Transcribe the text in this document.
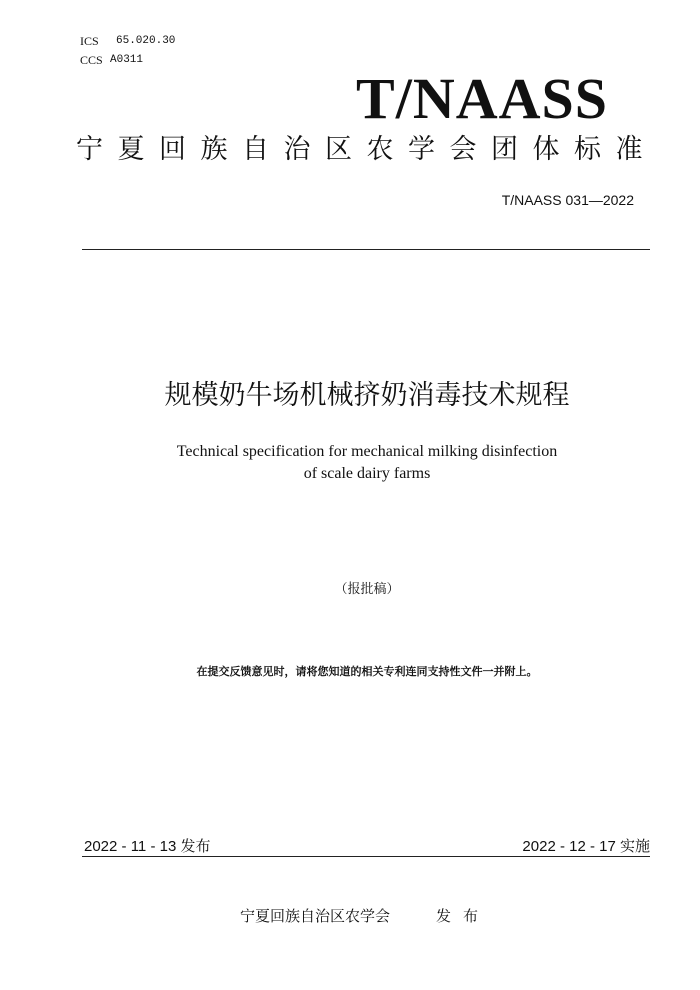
ICS 65.020.30
CCS A0311
T/NAASS
宁夏回族自治区农学会团体标准
T/NAASS 031—2022
规模奶牛场机械挤奶消毒技术规程
Technical specification for mechanical milking disinfection
of scale dairy farms
（报批稿）
在提交反馈意见时，请将您知道的相关专利连同支持性文件一并附上。
2022 - 11 - 13 发布	2022 - 12 - 17 实施
宁夏回族自治区农学会	发布
